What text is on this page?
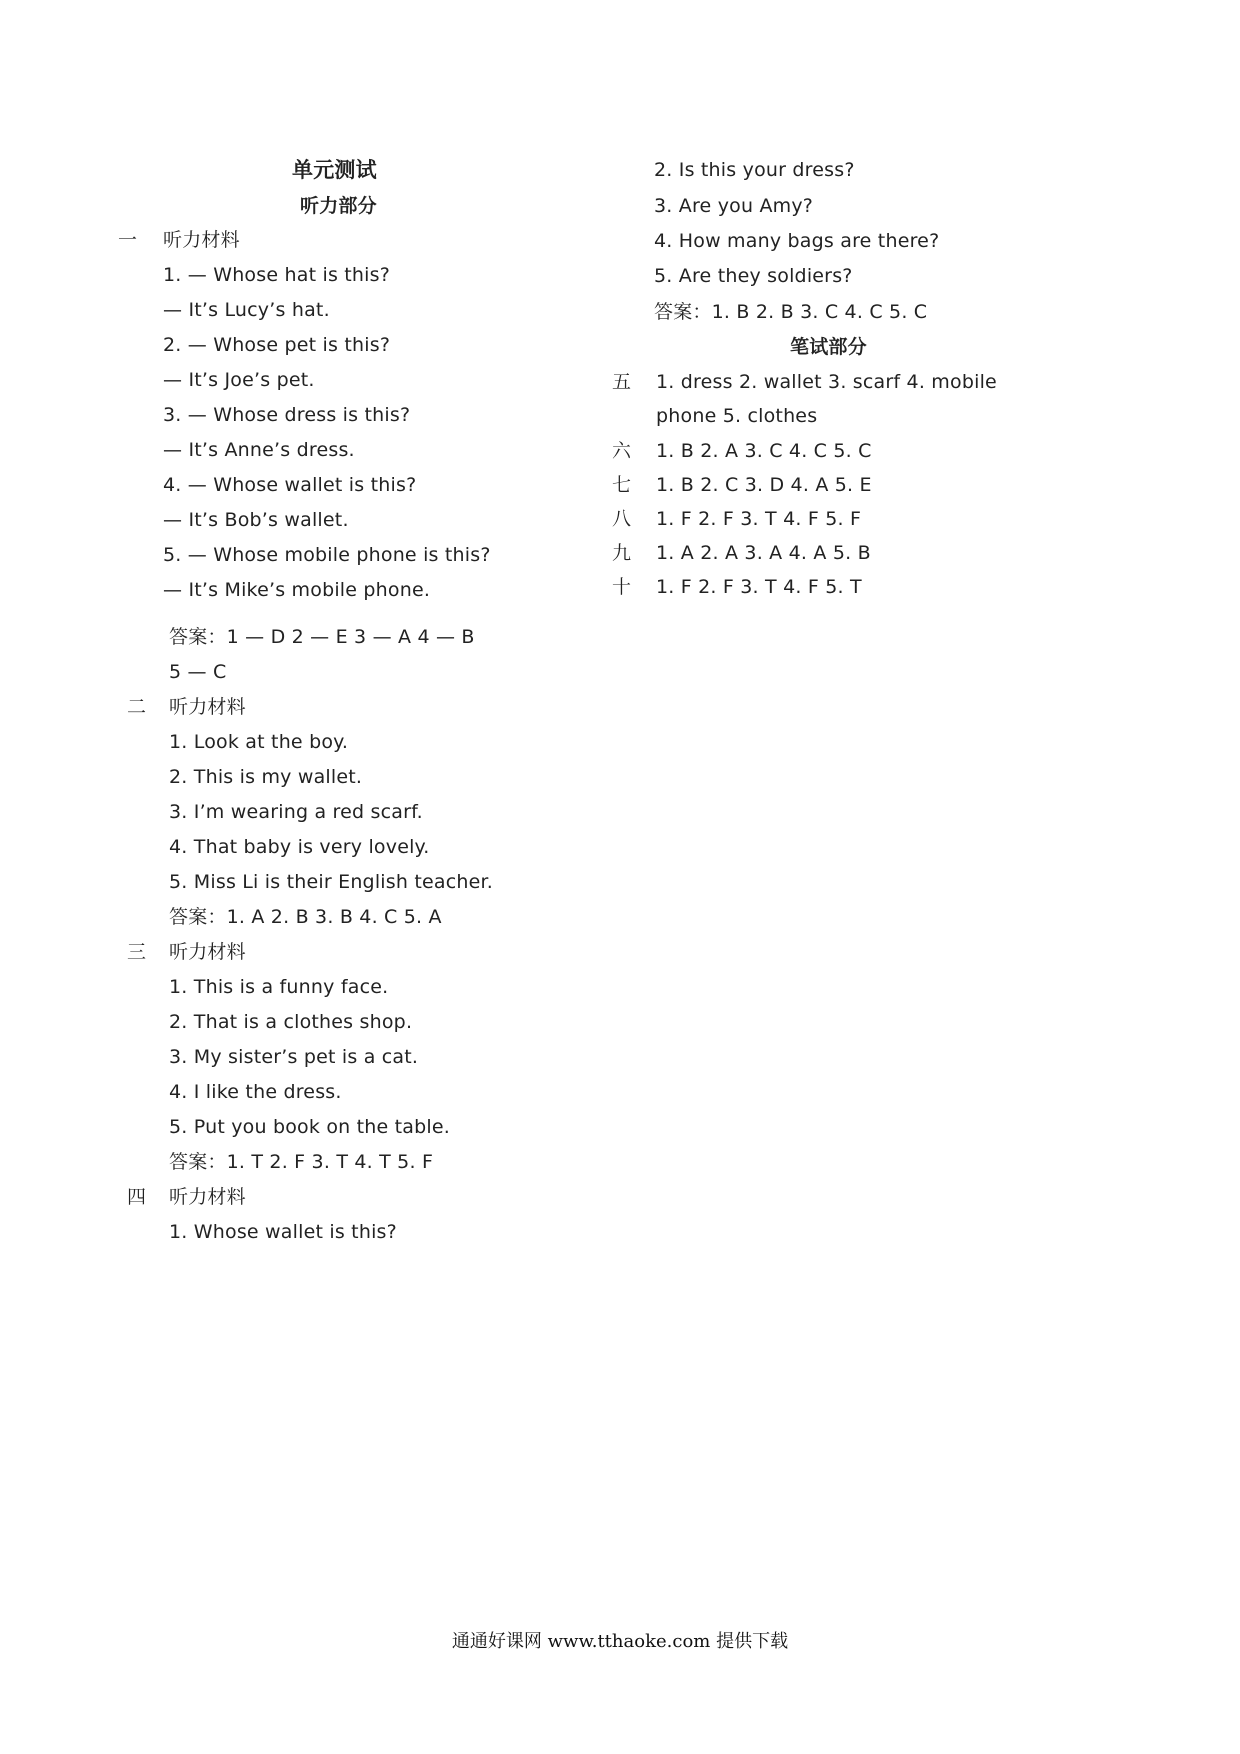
单元测试
听力部分
一 听力材料
1. — Whose hat is this?
— It’s Lucy’s hat.
2. — Whose pet is this?
— It’s Joe’s pet.
3. — Whose dress is this?
— It’s Anne’s dress.
4. — Whose wallet is this?
— It’s Bob’s wallet.
5. — Whose mobile phone is this?
— It’s Mike’s mobile phone.
答案：1 — D 2 — E 3 — A 4 — B
5 — C
二 听力材料
1. Look at the boy.
2. This is my wallet.
3. I’m wearing a red scarf.
4. That baby is very lovely.
5. Miss Li is their English teacher.
答案：1. A 2. B 3. B 4. C 5. A
三 听力材料
1. This is a funny face.
2. That is a clothes shop.
3. My sister’s pet is a cat.
4. I like the dress.
5. Put you book on the table.
答案：1. T 2. F 3. T 4. T 5. F
四 听力材料
1. Whose wallet is this?
2. Is this your dress?
3. Are you Amy?
4. How many bags are there?
5. Are they soldiers?
答案：1. B 2. B 3. C 4. C 5. C
笔试部分
五 1. dress 2. wallet 3. scarf 4. mobile
phone 5. clothes
六 1. B 2. A 3. C 4. C 5. C
七 1. B 2. C 3. D 4. A 5. E
八 1. F 2. F 3. T 4. F 5. F
九 1. A 2. A 3. A 4. A 5. B
十 1. F 2. F 3. T 4. F 5. T
通通好课网 www.tthaoke.com 提供下载
